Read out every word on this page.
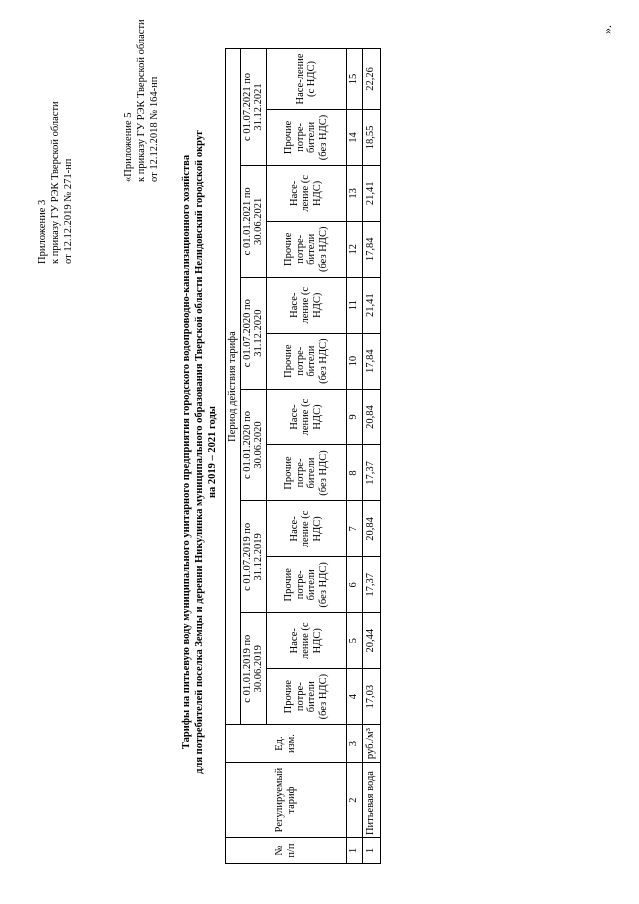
Приложение 3 к приказу ГУ РЭК Тверской области от 12.12.2019 № 271-нп
«Приложение 5 к приказу ГУ РЭК Тверской области от 12.12.2018 № 164-нп
Тарифы на питьевую воду муниципального унитарного предприятия городского водопроводно-канализационного хозяйства для потребителей поселка Земцы и деревни Никулинка муниципального образования Тверской области Нелидовский городской округ на 2019 – 2021 годы
№ п/п	Регулируемый тариф	Ед. изм.	Период действия тарифа											
			с 01.01.2019 по 30.06.2019		с 01.07.2019 по 31.12.2019		с 01.01.2020 по 30.06.2020		с 01.07.2020 по 31.12.2020		с 01.01.2021 по 30.06.2021		с 01.07.2021 по 31.12.2021	
			Прочие потре-бители (без НДС)	Насе-ление (с НДС)	Прочие потре-бители (без НДС)	Насе-ление (с НДС)	Прочие потре-бители (без НДС)	Насе-ление (с НДС)	Прочие потре-бители (без НДС)	Насе-ление (с НДС)	Прочие потре-бители (без НДС)	Насе-ление (с НДС)	Прочие потре-бители (без НДС)	Насе-ление (с НДС)
1	2	3	4	5	6	7	8	9	10	11	12	13	14	15
1	Питьевая вода	руб./м³	17,03	20,44	17,37	20,84	17,37	20,84	17,84	21,41	17,84	21,41	18,55	22,26
».
